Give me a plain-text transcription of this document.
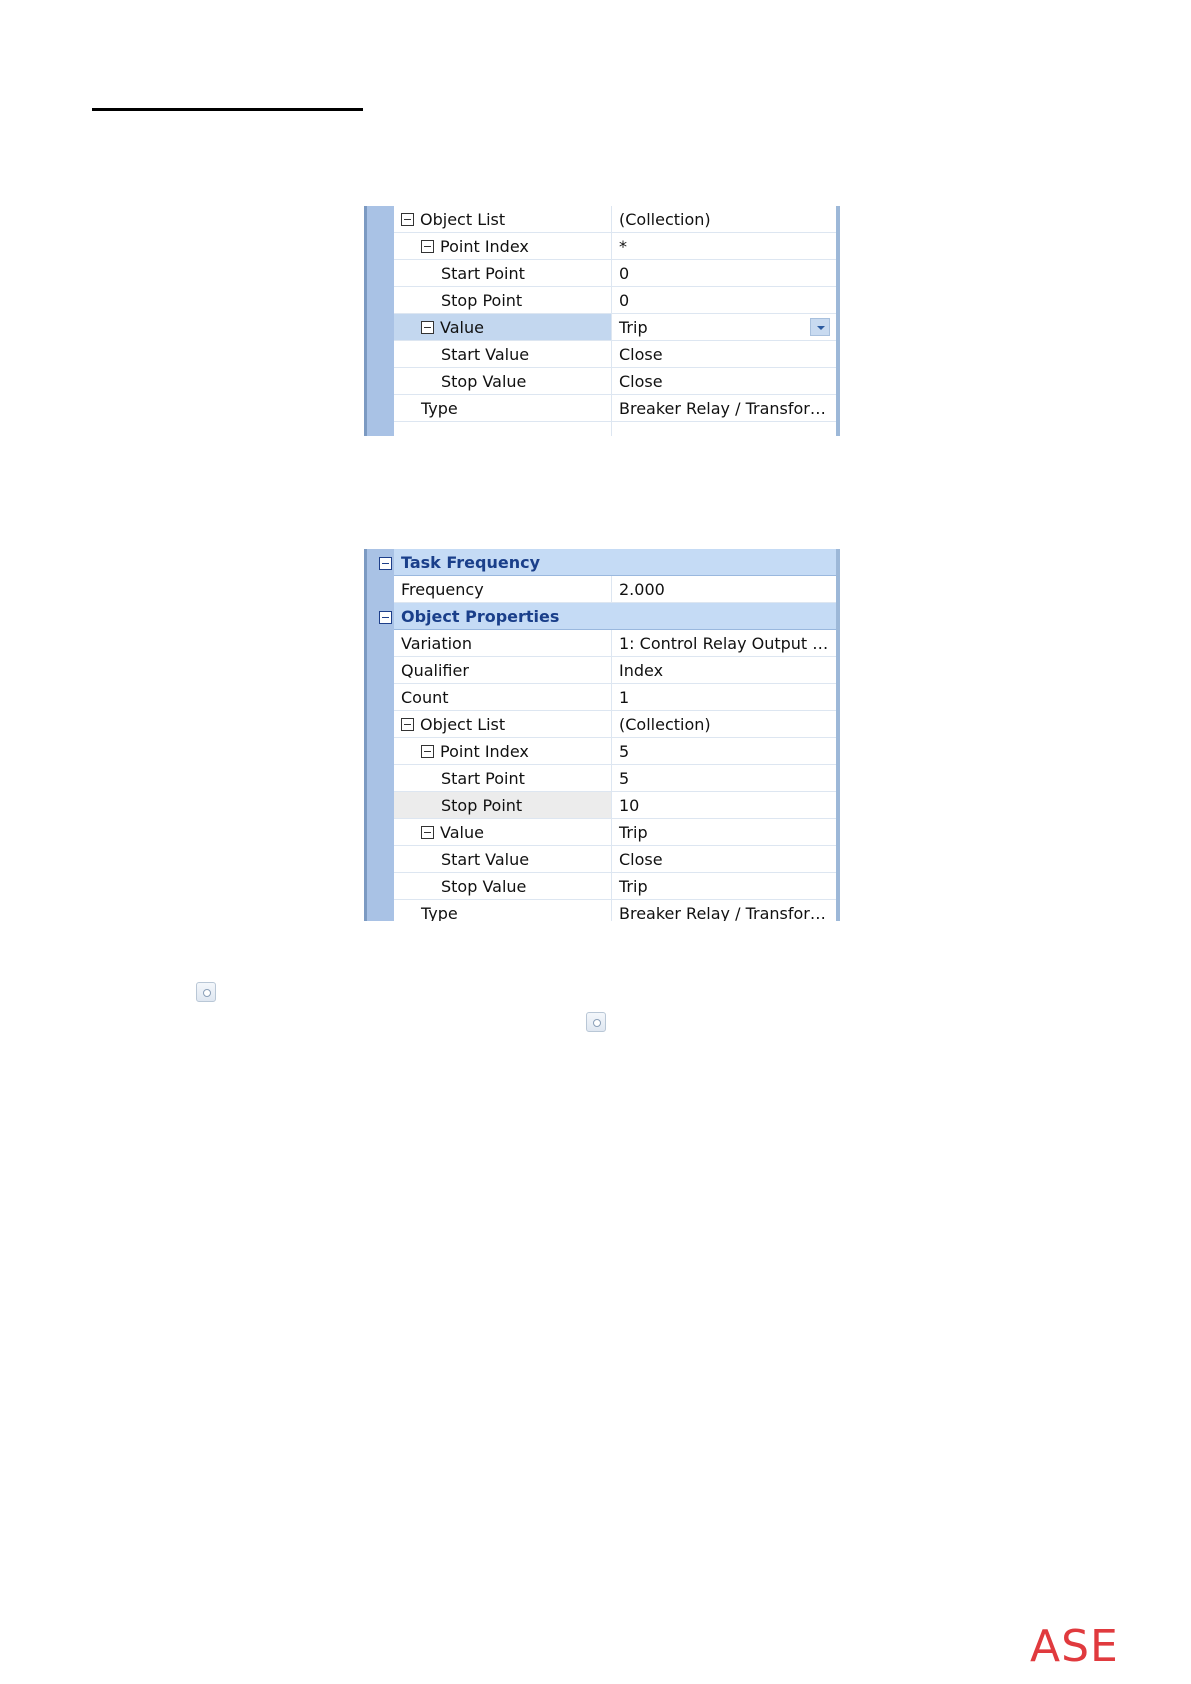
Object List	(Collection)
Point Index	*
Start Point	0
Stop Point	0
Value	Trip
Start Value	Close
Stop Value	Close
Type	Breaker Relay / Transfor…
Task Frequency
Frequency	2.000
Object Properties
Variation	1: Control Relay Output …
Qualifier	Index
Count	1
Object List	(Collection)
Point Index	5
Start Point	5
Stop Point	10
Value	Trip
Start Value	Close
Stop Value	Trip
Type	Breaker Relay / Transfor…
ASE
